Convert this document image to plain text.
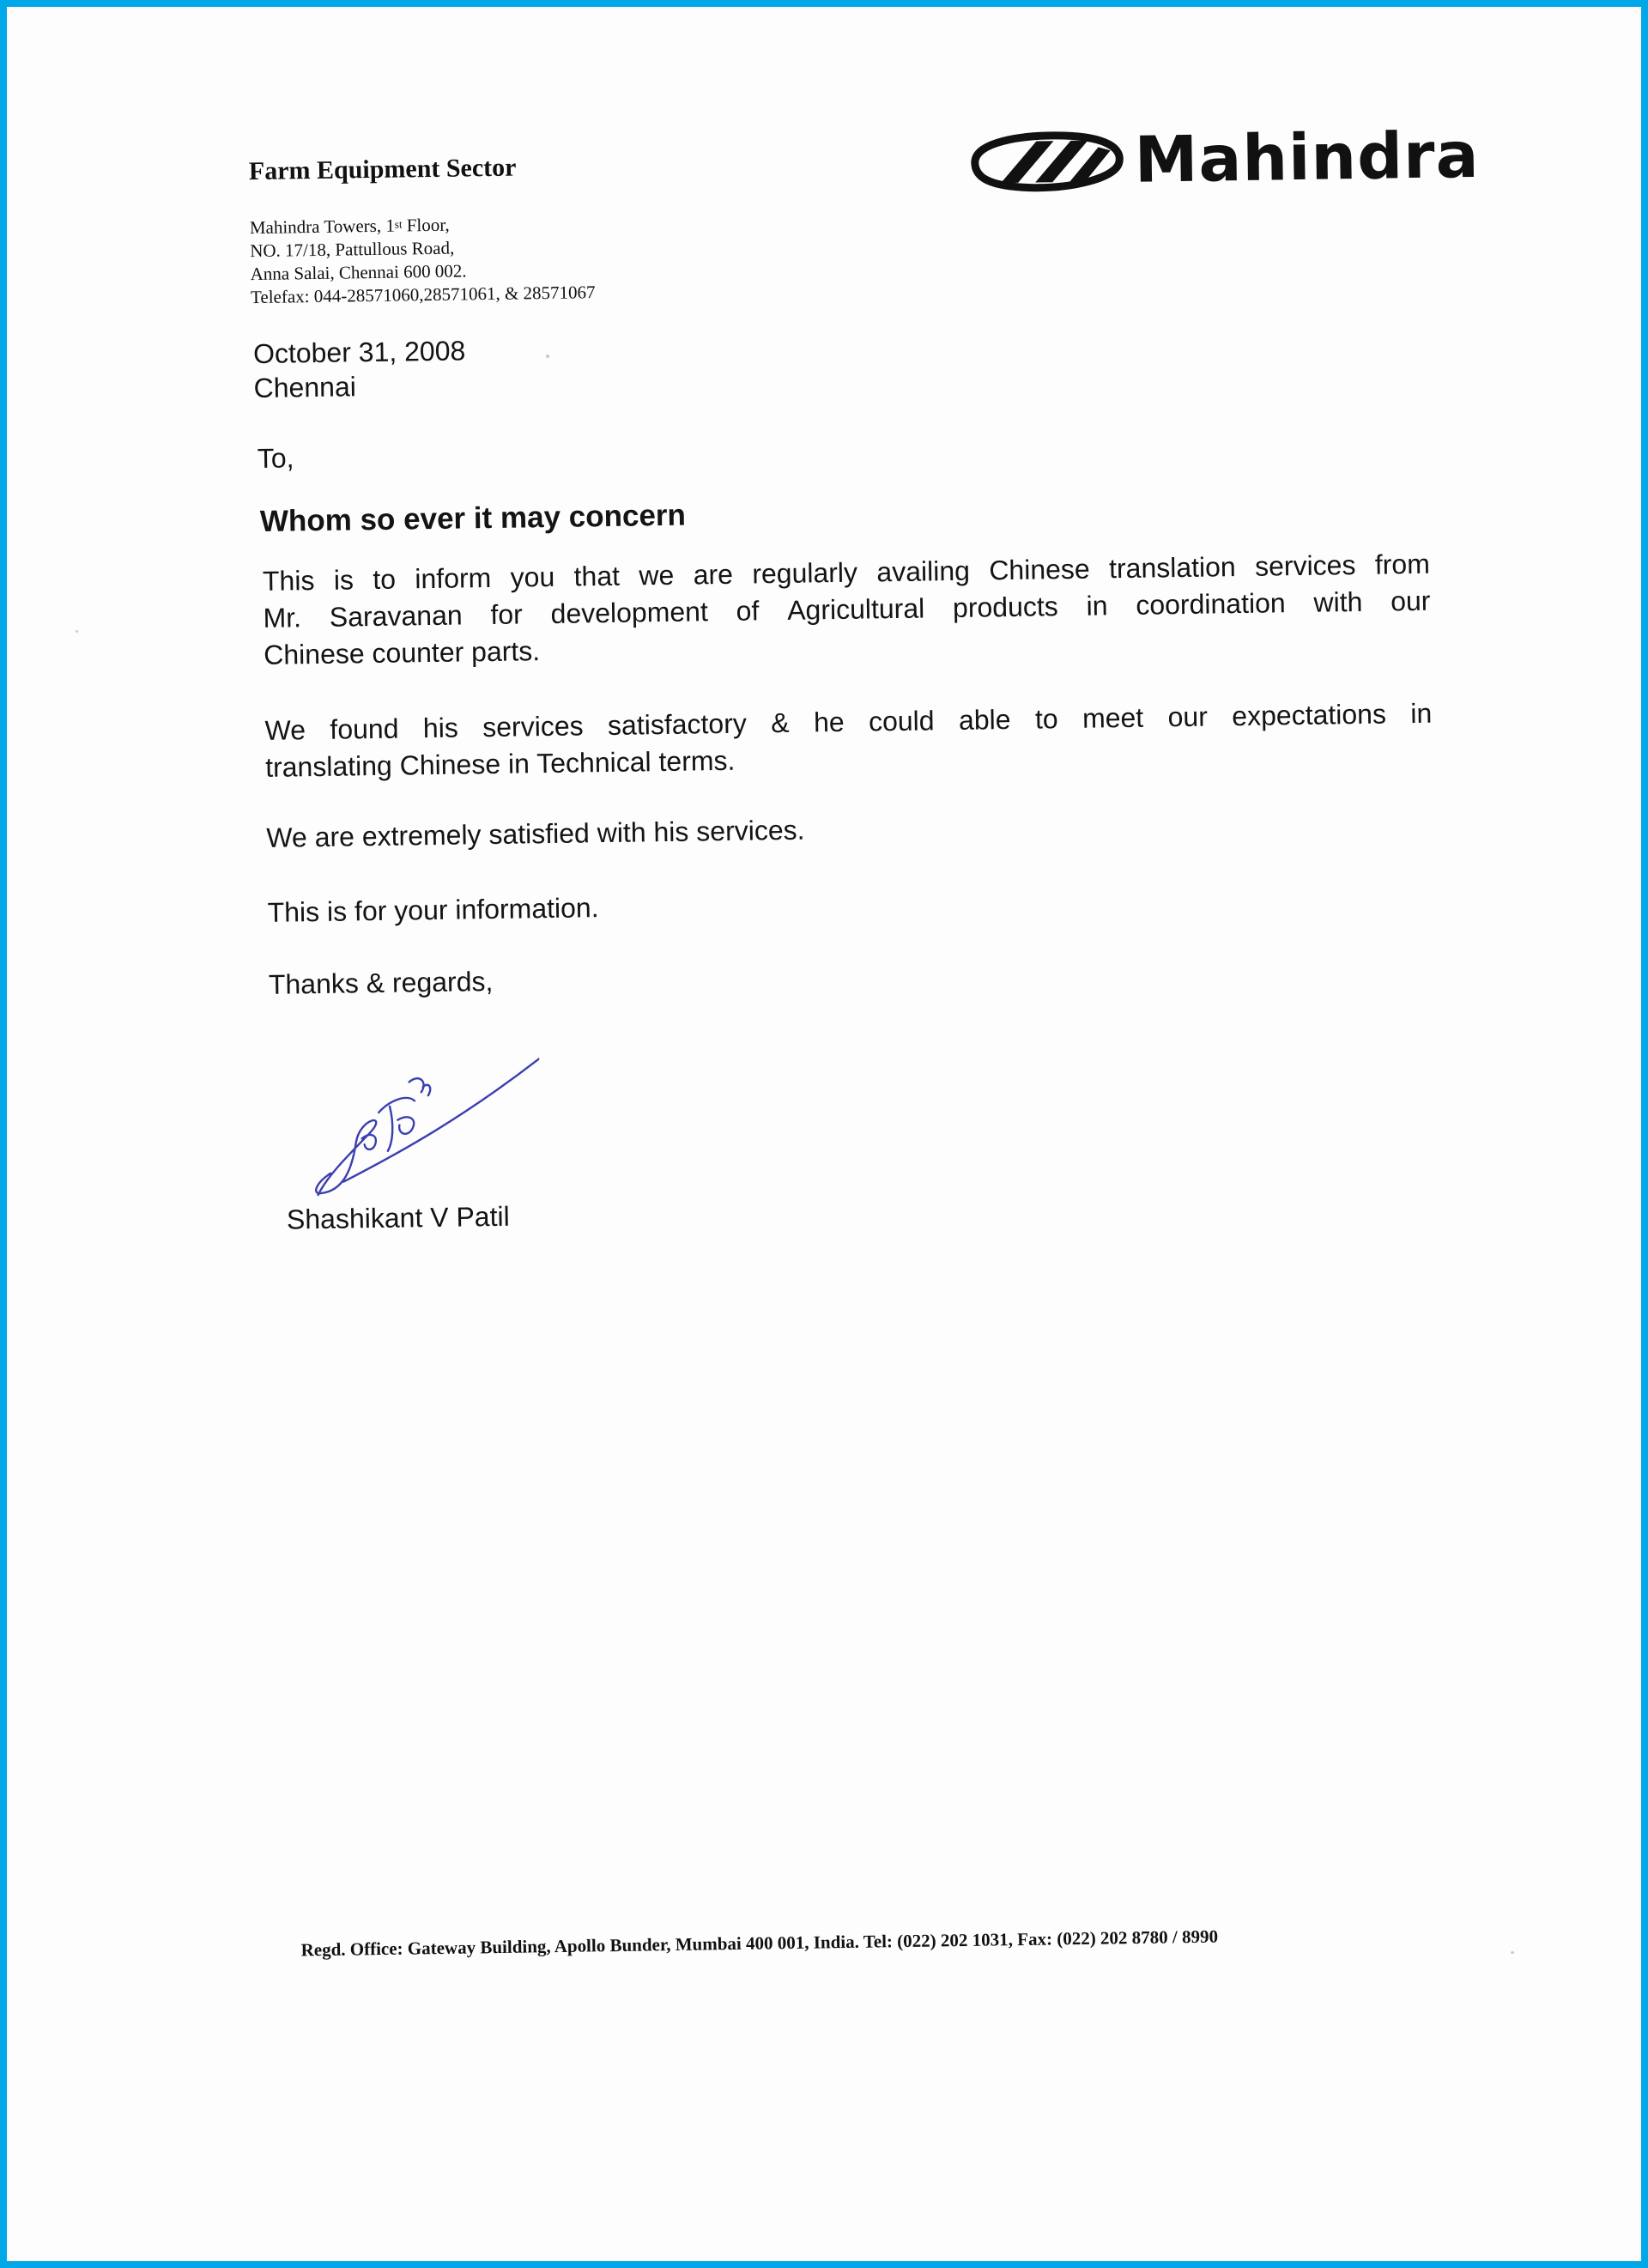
Farm Equipment Sector
Mahindra Towers, 1st Floor,
NO. 17/18, Pattullous Road,
Anna Salai, Chennai 600 002.
Telefax: 044-28571060,28571061, & 28571067
Mahindra
October 31, 2008
Chennai
To,
Whom so ever it may concern
This is to inform you that we are regularly availing Chinese translation services from
Mr. Saravanan for development of Agricultural products in coordination with our
Chinese counter parts.
We found his services satisfactory & he could able to meet our expectations in
translating Chinese in Technical terms.
We are extremely satisfied with his services.
This is for your information.
Thanks & regards,
Shashikant V Patil
Regd. Office: Gateway Building, Apollo Bunder, Mumbai 400 001, India. Tel: (022) 202 1031, Fax: (022) 202 8780 / 8990
